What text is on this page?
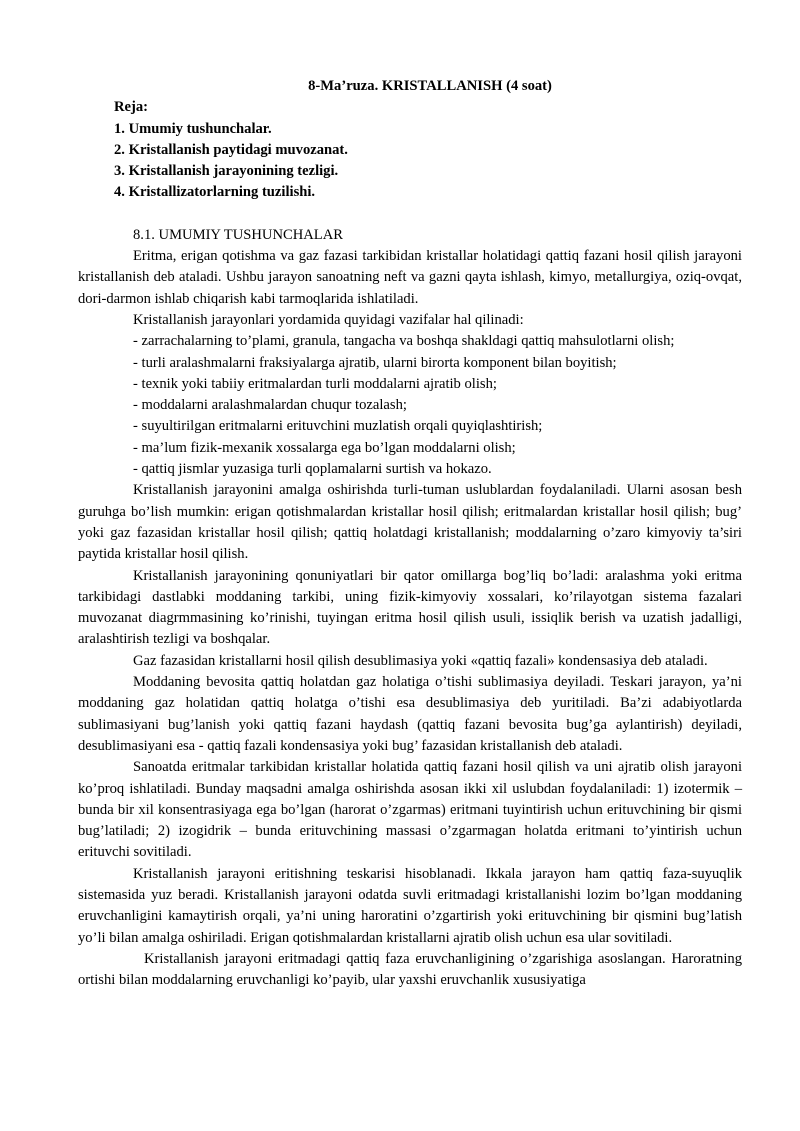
8-Ma’ruza. KRISTALLANISH (4 soat)
Reja:
1. Umumiy tushunchalar.
2. Kristallanish paytidagi muvozanat.
3. Kristallanish jarayonining tezligi.
4. Kristallizatorlarning tuzilishi.
8.1. UMUMIY TUSHUNCHALAR

Eritma, erigan qotishma va gaz fazasi tarkibidan kristallar holatidagi qattiq fazani hosil qilish jarayoni kristallanish deb ataladi. Ushbu jarayon sanoatning neft va gazni qayta ishlash, kimyo, metallurgiya, oziq-ovqat, dori-darmon ishlab chiqarish kabi tarmoqlarida ishlatiladi.

Kristallanish jarayonlari yordamida quyidagi vazifalar hal qilinadi:

- zarrachalarning to’plami, granula, tangacha va boshqa shakldagi qattiq mahsulotlarni olish;
- turli aralashmalarni fraksiyalarga ajratib, ularni birorta komponent bilan boyitish;
- texnik yoki tabiiy eritmalardan turli moddalarni ajratib olish;
- moddalarni aralashmalardan chuqur tozalash;
- suyultirilgan eritmalarni erituvchini muzlatish orqali quyiqlashtirish;
- ma’lum fizik-mexanik xossalarga ega bo’lgan moddalarni olish;
- qattiq jismlar yuzasiga turli qoplamalarni surtish va hokazo.

Kristallanish jarayonini amalga oshirishda turli-tuman uslublardan foydalaniladi. Ularni asosan besh guruhga bo’lish mumkin: erigan qotishmalardan kristallar hosil qilish; eritmalardan kristallar hosil qilish; bug’ yoki gaz fazasidan kristallar hosil qilish; qattiq holatdagi kristallanish; moddalarning o’zaro kimyoviy ta’siri paytida kristallar hosil qilish.

Kristallanish jarayonining qonuniyatlari bir qator omillarga bog’liq bo’ladi: aralashma yoki eritma tarkibidagi dastlabki moddaning tarkibi, uning fizik-kimyoviy xossalari, ko’rilayotgan sistema fazalari muvozanat diagrmmasining ko’rinishi, tuyingan eritma hosil qilish usuli, issiqlik berish va uzatish jadalligi, aralashtirish tezligi va boshqalar.

Gaz fazasidan kristallarni hosil qilish desublimasiya yoki «qattiq fazali» kondensasiya deb ataladi.

Moddaning bevosita qattiq holatdan gaz holatiga o’tishi sublimasiya deyiladi. Teskari jarayon, ya’ni moddaning gaz holatidan qattiq holatga o’tishi esa desublimasiya deb yuritiladi. Ba’zi adabiyotlarda sublimasiyani bug’lanish yoki qattiq fazani haydash (qattiq fazani bevosita bug’ga aylantirish) deyiladi, desublimasiyani esa - qattiq fazali kondensasiya yoki bug’ fazasidan kristallanish deb ataladi.

Sanoatda eritmalar tarkibidan kristallar holatida qattiq fazani hosil qilish va uni ajratib olish jarayoni ko’proq ishlatiladi. Bunday maqsadni amalga oshirishda asosan ikki xil uslubdan foydalaniladi: 1) izotermik – bunda bir xil konsentrasiyaga ega bo’lgan (harorat o’zgarmas) eritmani tuyintirish uchun erituvchining bir qismi bug’latiladi; 2) izogidrik – bunda erituvchining massasi o’zgarmagan holatda eritmani to’yintirish uchun erituvchi sovitiladi.

Kristallanish jarayoni eritishning teskarisi hisoblanadi. Ikkala jarayon ham qattiq faza-suyuqlik sistemasida yuz beradi. Kristallanish jarayoni odatda suvli eritmadagi kristallanishi lozim bo’lgan moddaning eruvchanligini kamaytirish orqali, ya’ni uning haroratini o’zgartirish yoki erituvchining bir qismini bug’latish yo’li bilan amalga oshiriladi. Erigan qotishmalardan kristallarni ajratib olish uchun esa ular sovitiladi.

Kristallanish jarayoni eritmadagi qattiq faza eruvchanligining o’zgarishiga asoslangan. Haroratning ortishi bilan moddalarning eruvchanligi ko’payib, ular yaxshi eruvchanlik xususiyatiga
